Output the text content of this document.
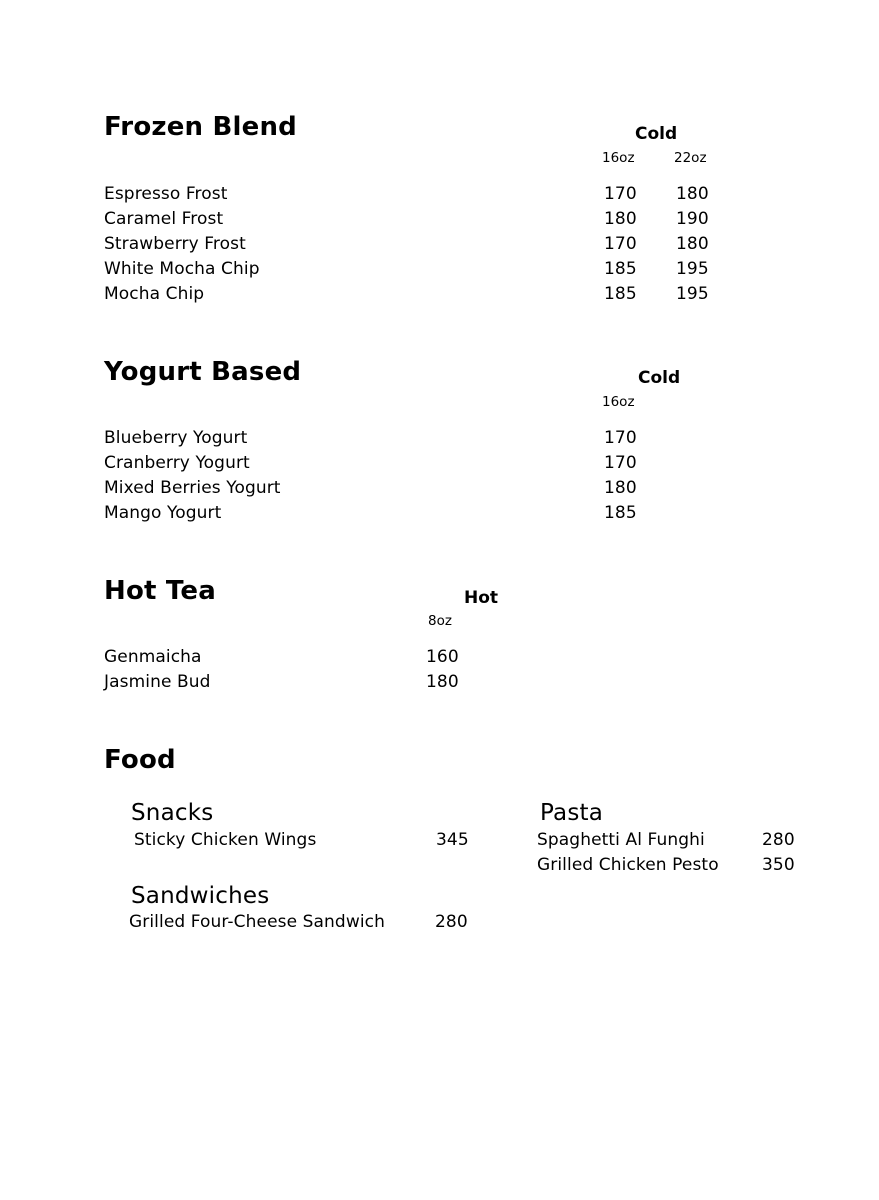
Frozen Blend	Cold
16oz	22oz
Espresso Frost	170 180
Caramel Frost	180 190
Strawberry Frost	170 180
White Mocha Chip	185 195
Mocha Chip	185 195
Yogurt Based	Cold
16oz
Blueberry Yogurt	170
Cranberry Yogurt	170
Mixed Berries Yogurt	180
Mango Yogurt	185
Hot Tea	Hot
8oz
Genmaicha	160
Jasmine Bud	180
Food
Snacks
Sticky Chicken Wings	345
Sandwiches
Grilled Four-Cheese Sandwich	280
Pasta
Spaghetti Al Funghi	280
Grilled Chicken Pesto	350
